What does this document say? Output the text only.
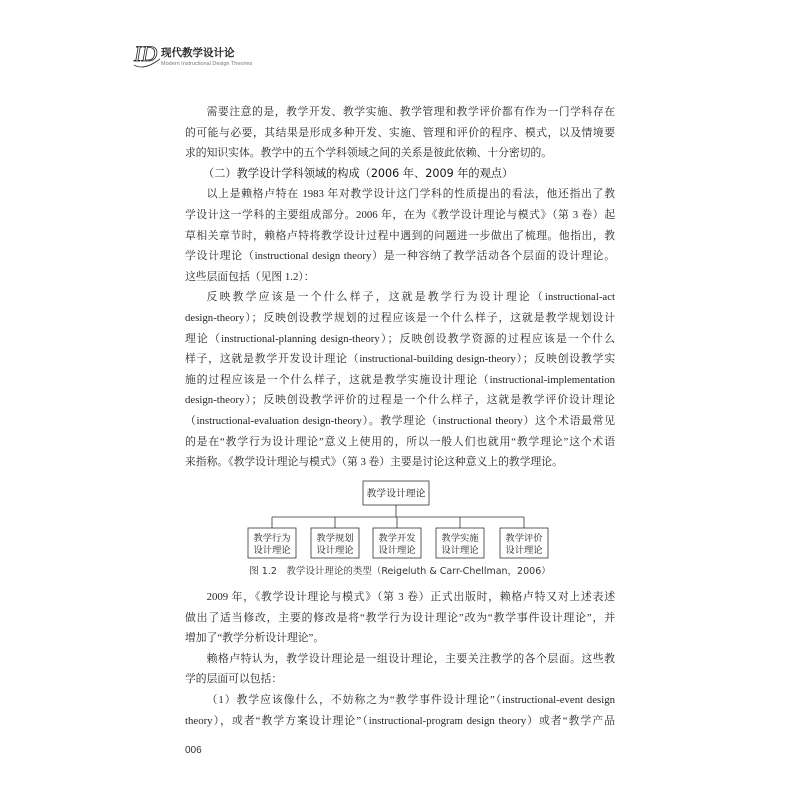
ID 现代教学设计论
Modern Instructional Design Theories
需要注意的是，教学开发、教学实施、教学管理和教学评价都有作为一门学科存在
的可能与必要，其结果是形成多种开发、实施、管理和评价的程序、模式，以及情境要
求的知识实体。教学中的五个学科领域之间的关系是彼此依赖、十分密切的。
（二）教学设计学科领域的构成（2006 年、2009 年的观点）
以上是赖格卢特在 1983 年对教学设计这门学科的性质提出的看法，他还指出了教
学设计这一学科的主要组成部分。2006 年，在为《教学设计理论与模式》（第 3 卷）起
草相关章节时，赖格卢特将教学设计过程中遇到的问题进一步做出了梳理。他指出，教
学设计理论（instructional design theory）是一种容纳了教学活动各个层面的设计理论。
这些层面包括（见图 1.2）：
反映教学应该是一个什么样子，这就是教学行为设计理论（instructional-act
design-theory）；反映创设教学规划的过程应该是一个什么样子，这就是教学规划设计
理论（instructional-planning design-theory）；反映创设教学资源的过程应该是一个什么
样子，这就是教学开发设计理论（instructional-building design-theory）；反映创设教学实
施的过程应该是一个什么样子，这就是教学实施设计理论（instructional-implementation
design-theory）；反映创设教学评价的过程是一个什么样子，这就是教学评价设计理论
（instructional-evaluation design-theory）。教学理论（instructional theory）这个术语最常见
的是在“教学行为设计理论”意义上使用的，所以一般人们也就用“教学理论”这个术语
来指称。《教学设计理论与模式》（第 3 卷）主要是讨论这种意义上的教学理论。
教学设计理论
教学行为
设计理论
教学规划
设计理论
教学开发
设计理论
教学实施
设计理论
教学评价
设计理论
图 1.2　教学设计理论的类型（Reigeluth & Carr-Chellman，2006）
2009 年，《教学设计理论与模式》（第 3 卷）正式出版时，赖格卢特又对上述表述
做出了适当修改，主要的修改是将“教学行为设计理论”改为“教学事件设计理论”，并
增加了“教学分析设计理论”。
赖格卢特认为，教学设计理论是一组设计理论，主要关注教学的各个层面。这些教
学的层面可以包括：
（1）教学应该像什么，不妨称之为“教学事件设计理论”（instructional-event design
theory），或者“教学方案设计理论”（instructional-program design theory）或者“教学产品
006
